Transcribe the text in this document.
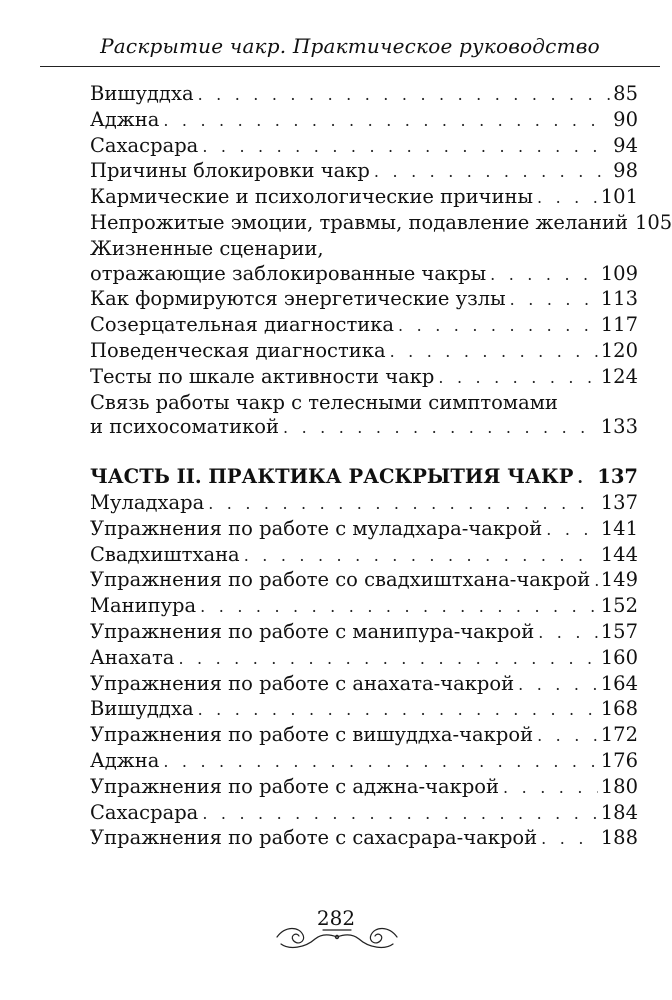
Раскрытие чакр. Практическое руководство
Вишуддха . . .	85
Аджна . . .	90
Сахасрара . . .	94
Причины блокировки чакр . . .	98
Кармические и психологические причины . . .	101
Непрожитые эмоции, травмы, подавление желаний 105
Жизненные сценарии,
отражающие заблокированные чакры . . .	109
Как формируются энергетические узлы . . .	113
Созерцательная диагностика . . .	117
Поведенческая диагностика . . .	120
Тесты по шкале активности чакр . . .	124
Связь работы чакр с телесными симптомами
и психосоматикой . . .	133
ЧАСТЬ II. ПРАКТИКА РАСКРЫТИЯ ЧАКР . . . 137
Муладхара . . .	137
Упражнения по работе с муладхара-чакрой . . .	141
Свадхиштхана . . .	144
Упражнения по работе со свадхиштхана-чакрой . . . 149
Манипура . . .	152
Упражнения по работе с манипура-чакрой . . .	157
Анахата . . .	160
Упражнения по работе с анахата-чакрой . . .	164
Вишуддха . . .	168
Упражнения по работе с вишуддха-чакрой . . .	172
Аджна . . .	176
Упражнения по работе с аджна-чакрой . . .	180
Сахасрара . . .	184
Упражнения по работе с сахасрара-чакрой . . .	188
282
